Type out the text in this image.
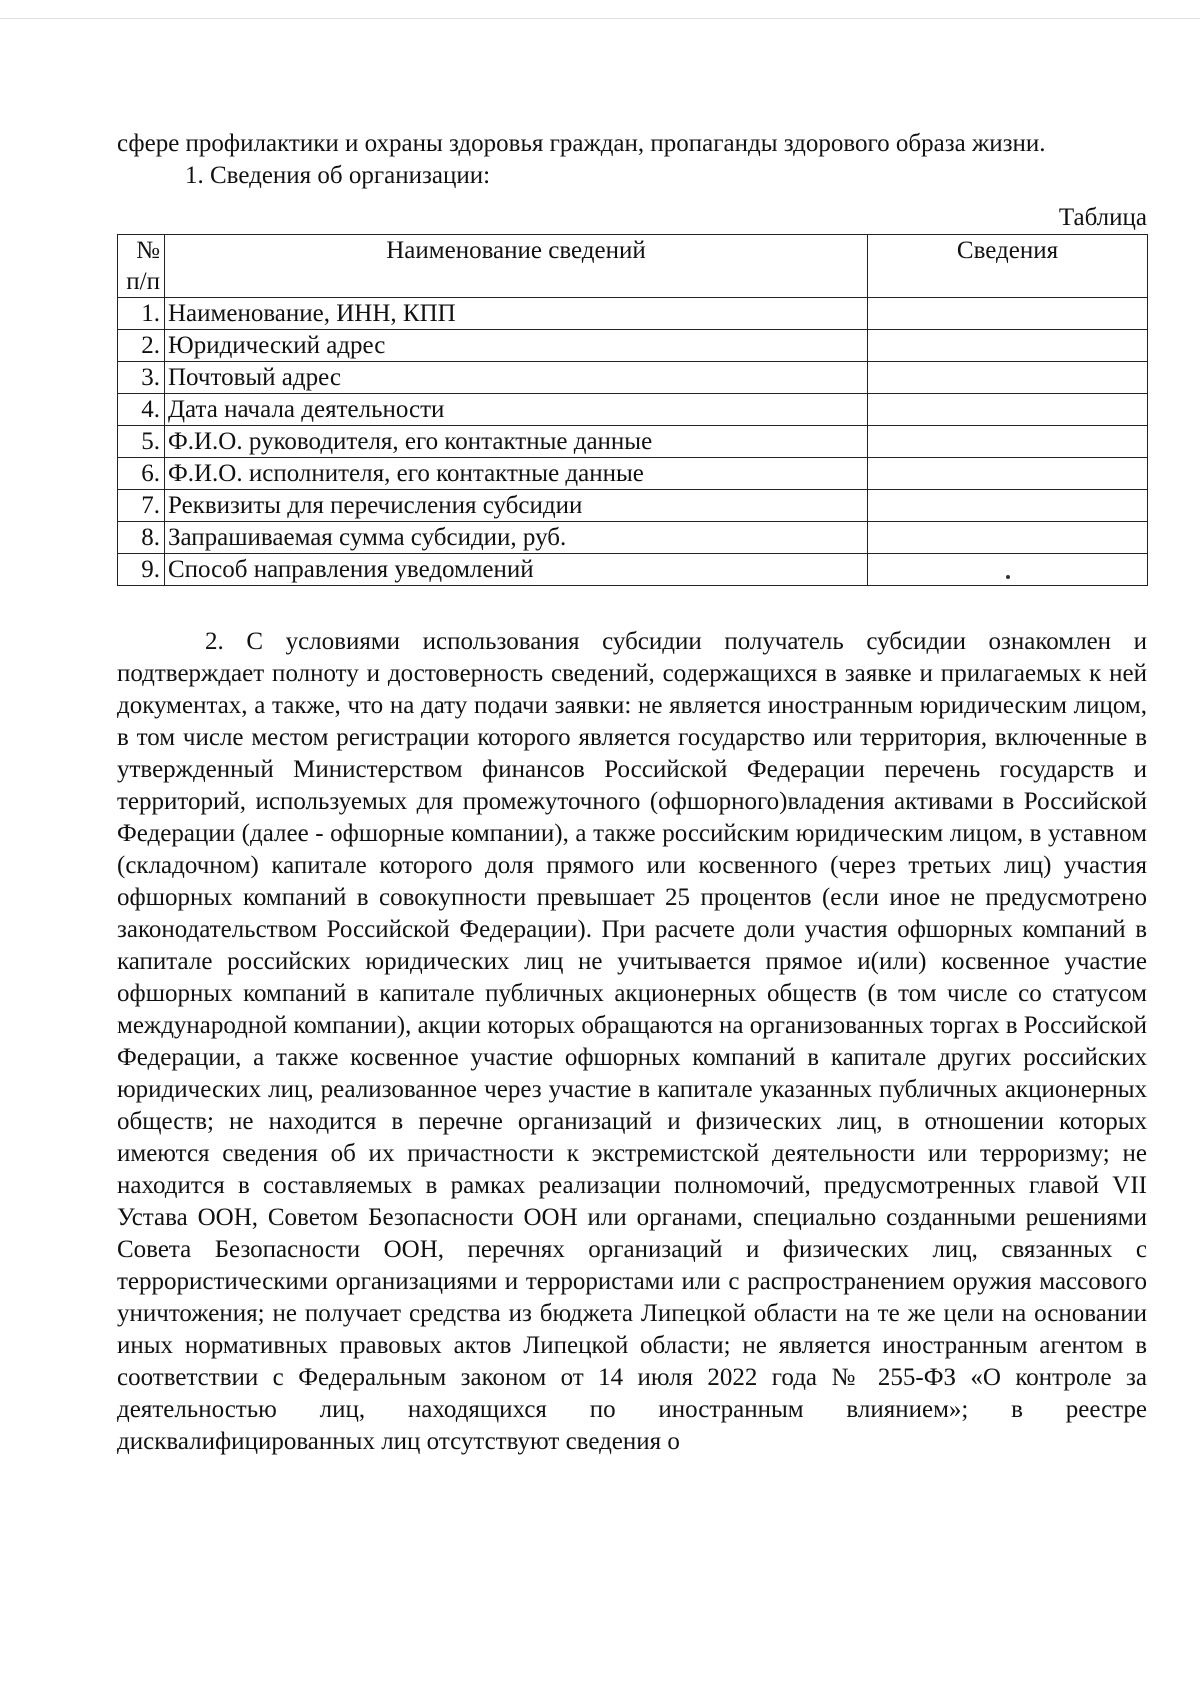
сфере профилактики и охраны здоровья граждан, пропаганды здорового образа жизни.

1. Сведения об организации:

Таблица

№ п/п	Наименование сведений	Сведения
1.	Наименование, ИНН, КПП	
2.	Юридический адрес	
3.	Почтовый адрес	
4.	Дата начала деятельности	
5.	Ф.И.О. руководителя, его контактные данные	
6.	Ф.И.О. исполнителя, его контактные данные	
7.	Реквизиты для перечисления субсидии	
8.	Запрашиваемая сумма субсидии, руб.	
9.	Способ направления уведомлений	

2. С условиями использования субсидии получатель субсидии ознакомлен и подтверждает полноту и достоверность сведений, содержащихся в заявке и прилагаемых к ней документах, а также, что на дату подачи заявки: не является иностранным юридическим лицом, в том числе местом регистрации которого является государство или территория, включенные в утвержденный Министерством финансов Российской Федерации перечень государств и территорий, используемых для промежуточного (офшорного)владения активами в Российской Федерации (далее - офшорные компании), а также российским юридическим лицом, в уставном (складочном) капитале которого доля прямого или косвенного (через третьих лиц) участия офшорных компаний в совокупности превышает 25 процентов (если иное не предусмотрено законодательством Российской Федерации). При расчете доли участия офшорных компаний в капитале российских юридических лиц не учитывается прямое и(или) косвенное участие офшорных компаний в капитале публичных акционерных обществ (в том числе со статусом международной компании), акции которых обращаются на организованных торгах в Российской Федерации, а также косвенное участие офшорных компаний в капитале других российских юридических лиц, реализованное через участие в капитале указанных публичных акционерных обществ; не находится в перечне организаций и физических лиц, в отношении которых имеются сведения об их причастности к экстремистской деятельности или терроризму; не находится в составляемых в рамках реализации полномочий, предусмотренных главой VII Устава ООН, Советом Безопасности ООН или органами, специально созданными решениями Совета Безопасности ООН, перечнях организаций и физических лиц, связанных с террористическими организациями и террористами или с распространением оружия массового уничтожения; не получает средства из бюджета Липецкой области на те же цели на основании иных нормативных правовых актов Липецкой области; не является иностранным агентом в соответствии с Федеральным законом от 14 июля 2022 года № 255-ФЗ «О контроле за деятельностью лиц, находящихся по иностранным влиянием»; в реестре дисквалифицированных лиц отсутствуют сведения о
